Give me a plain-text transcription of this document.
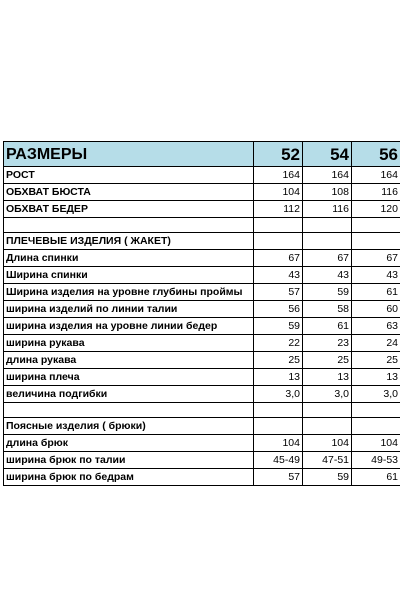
РАЗМЕРЫ	52	54	56
РОСТ	164	164	164
ОБХВАТ БЮСТА	104	108	116
ОБХВАТ БЕДЕР	112	116	120

ПЛЕЧЕВЫЕ ИЗДЕЛИЯ ( ЖАКЕТ)			
Длина спинки	67	67	67
Ширина спинки	43	43	43
Ширина изделия на уровне глубины проймы	57	59	61
ширина изделий по линии талии	56	58	60
ширина изделия на уровне линии бедер	59	61	63
ширина рукава	22	23	24
длина рукава	25	25	25
ширина плеча	13	13	13
величина подгибки	3,0	3,0	3,0

Поясные изделия ( брюки)			
длина брюк	104	104	104
ширина брюк по талии	45-49	47-51	49-53
ширина брюк по бедрам	57	59	61
